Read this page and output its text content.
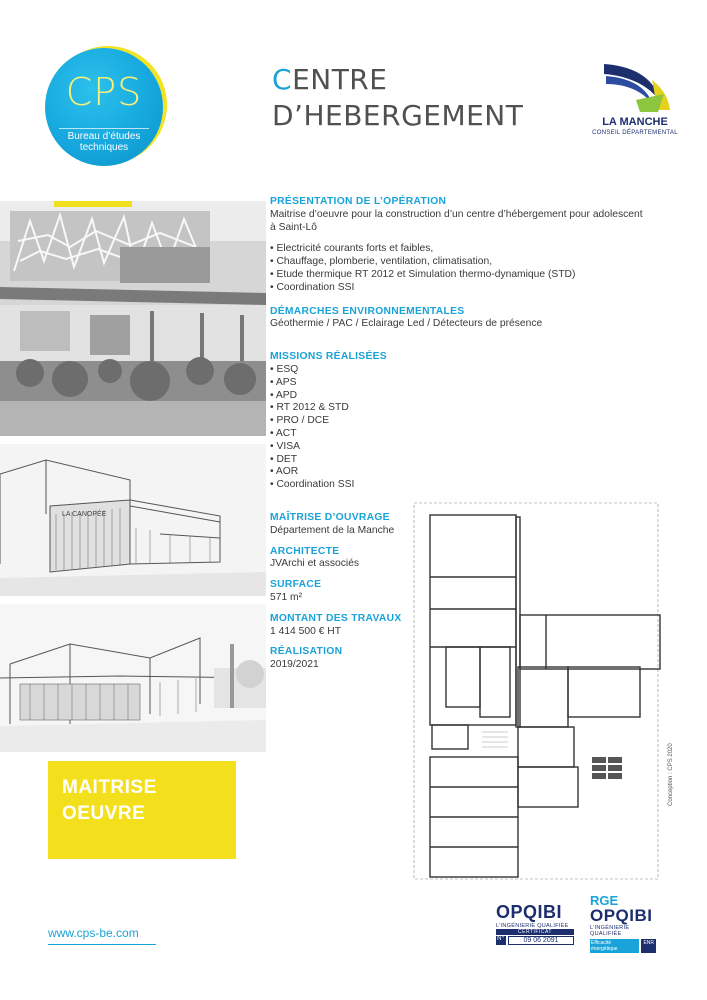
CPS
Bureau d’études techniques
CENTRE
D’HEBERGEMENT	LA MANCHE
CONSEIL DÉPARTEMENTAL
LA CANOPÉE
MAITRISE
OEUVRE
www.cps-be.com

PRÉSENTATION DE L’OPÉRATION

Maitrise d’oeuvre pour la construction d’un centre d’hébergement pour adolescent

à Saint-Lô

• Electricité courants forts et faibles,
• Chauffage, plomberie, ventilation, climatisation,
• Etude thermique RT 2012 et Simulation thermo-dynamique (STD)
• Coordination SSI

DÉMARCHES ENVIRONNEMENTALES

Géothermie / PAC / Eclairage Led / Détecteurs de présence

MISSIONS RÉALISÉES

• ESQ
• APS
• APD
• RT 2012 & STD
• PRO / DCE
• ACT
• VISA
• DET
• AOR
• Coordination SSI

MAÎTRISE D’OUVRAGE

Département de la Manche

ARCHITECTE

JVArchi et associés

SURFACE

571 m²

MONTANT DES TRAVAUX

1 414 500 € HT

RÉALISATION

2019/2021

Conception : CPS 2020
OPQIBI
L’INGÉNIERIE QUALIFIÉE
CERTIFICAT
N°	09 06 2091
RGE
OPQIBI
L’INGÉNIERIE QUALIFIÉE
Efficacité énergétique
ENR
